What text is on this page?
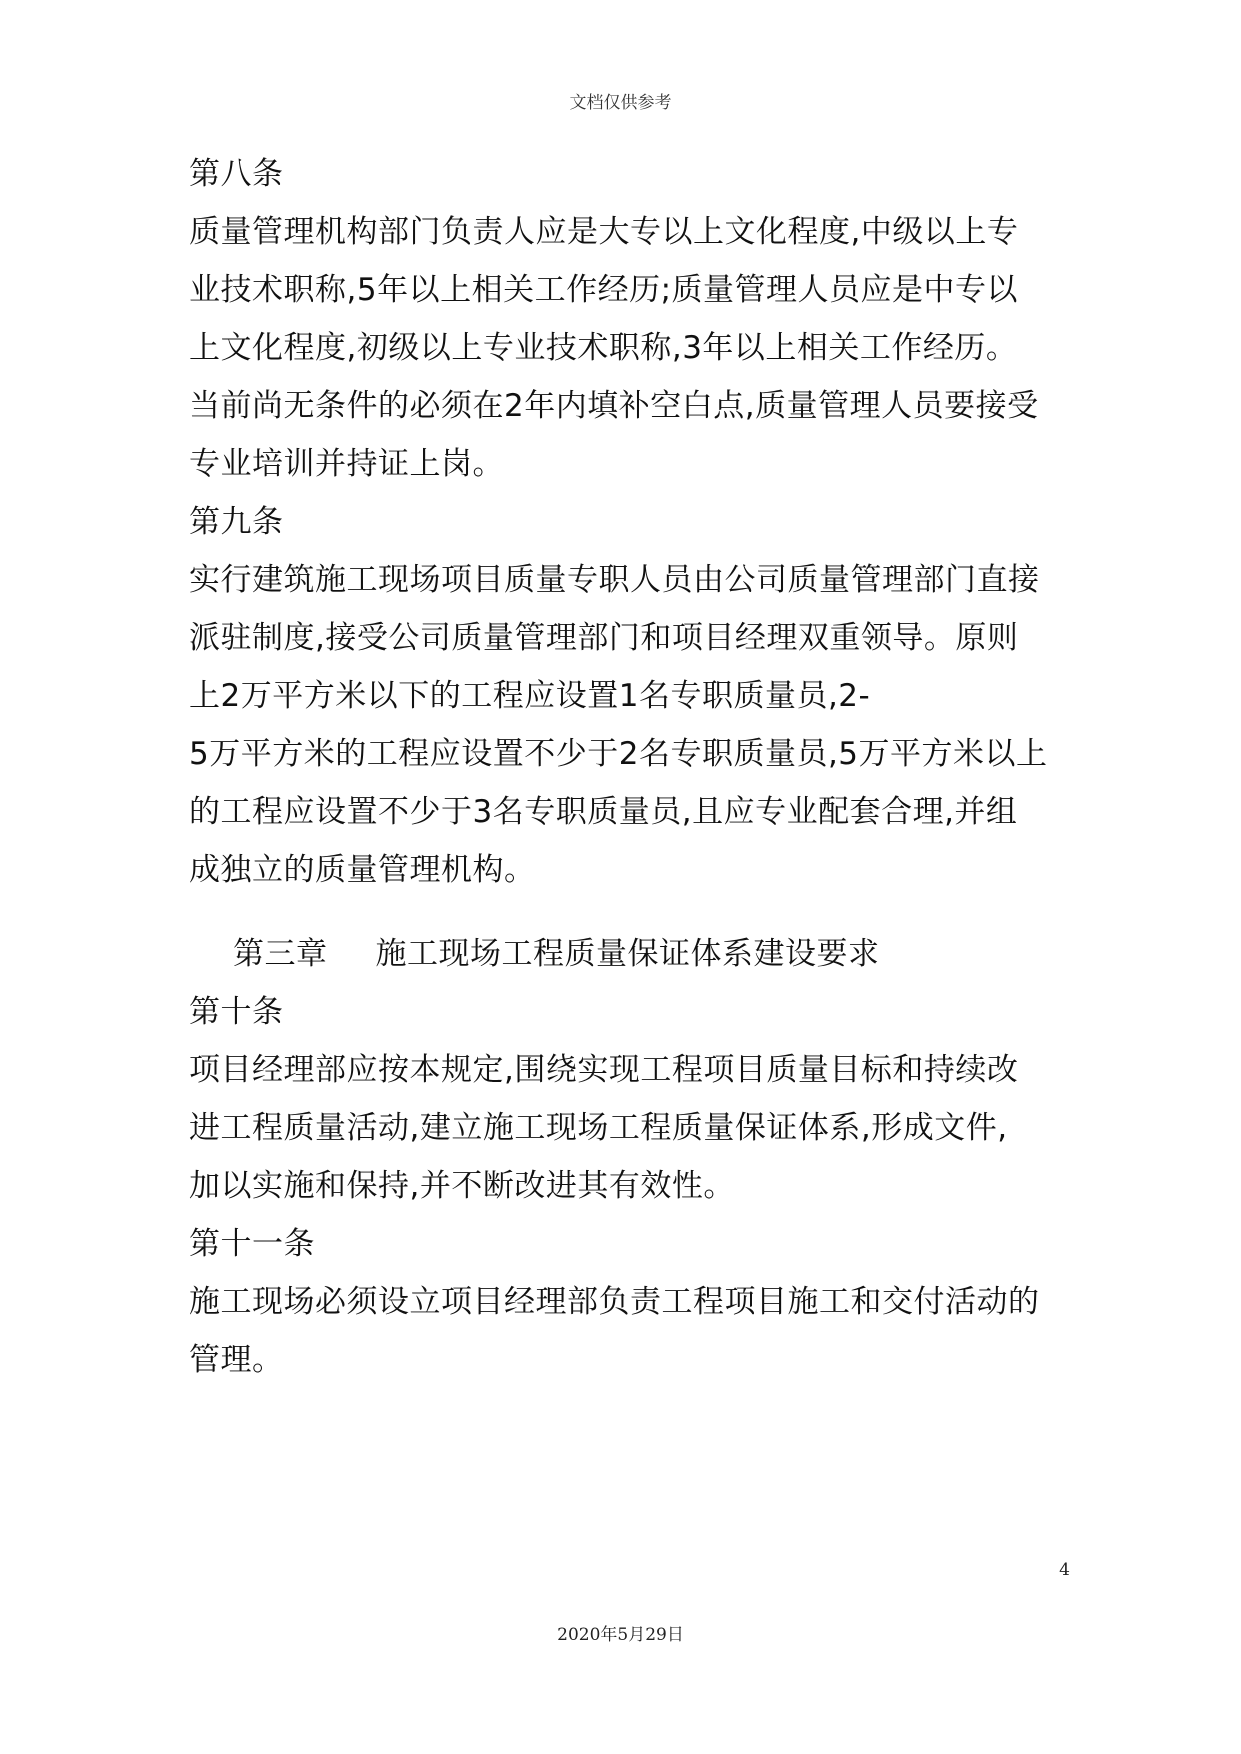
文档仅供参考
第八条
质量管理机构部门负责人应是大专以上文化程度,中级以上专
业技术职称,5年以上相关工作经历;质量管理人员应是中专以
上文化程度,初级以上专业技术职称,3年以上相关工作经历。
当前尚无条件的必须在2年内填补空白点,质量管理人员要接受
专业培训并持证上岗。
第九条
实行建筑施工现场项目质量专职人员由公司质量管理部门直接
派驻制度,接受公司质量管理部门和项目经理双重领导。原则
上2万平方米以下的工程应设置1名专职质量员,2-
5万平方米的工程应设置不少于2名专职质量员,5万平方米以上
的工程应设置不少于3名专职质量员,且应专业配套合理,并组
成独立的质量管理机构。
第三章 施工现场工程质量保证体系建设要求
第十条
项目经理部应按本规定,围绕实现工程项目质量目标和持续改
进工程质量活动,建立施工现场工程质量保证体系,形成文件,
加以实施和保持,并不断改进其有效性。
第十一条
施工现场必须设立项目经理部负责工程项目施工和交付活动的
管理。
4
2020年5月29日
